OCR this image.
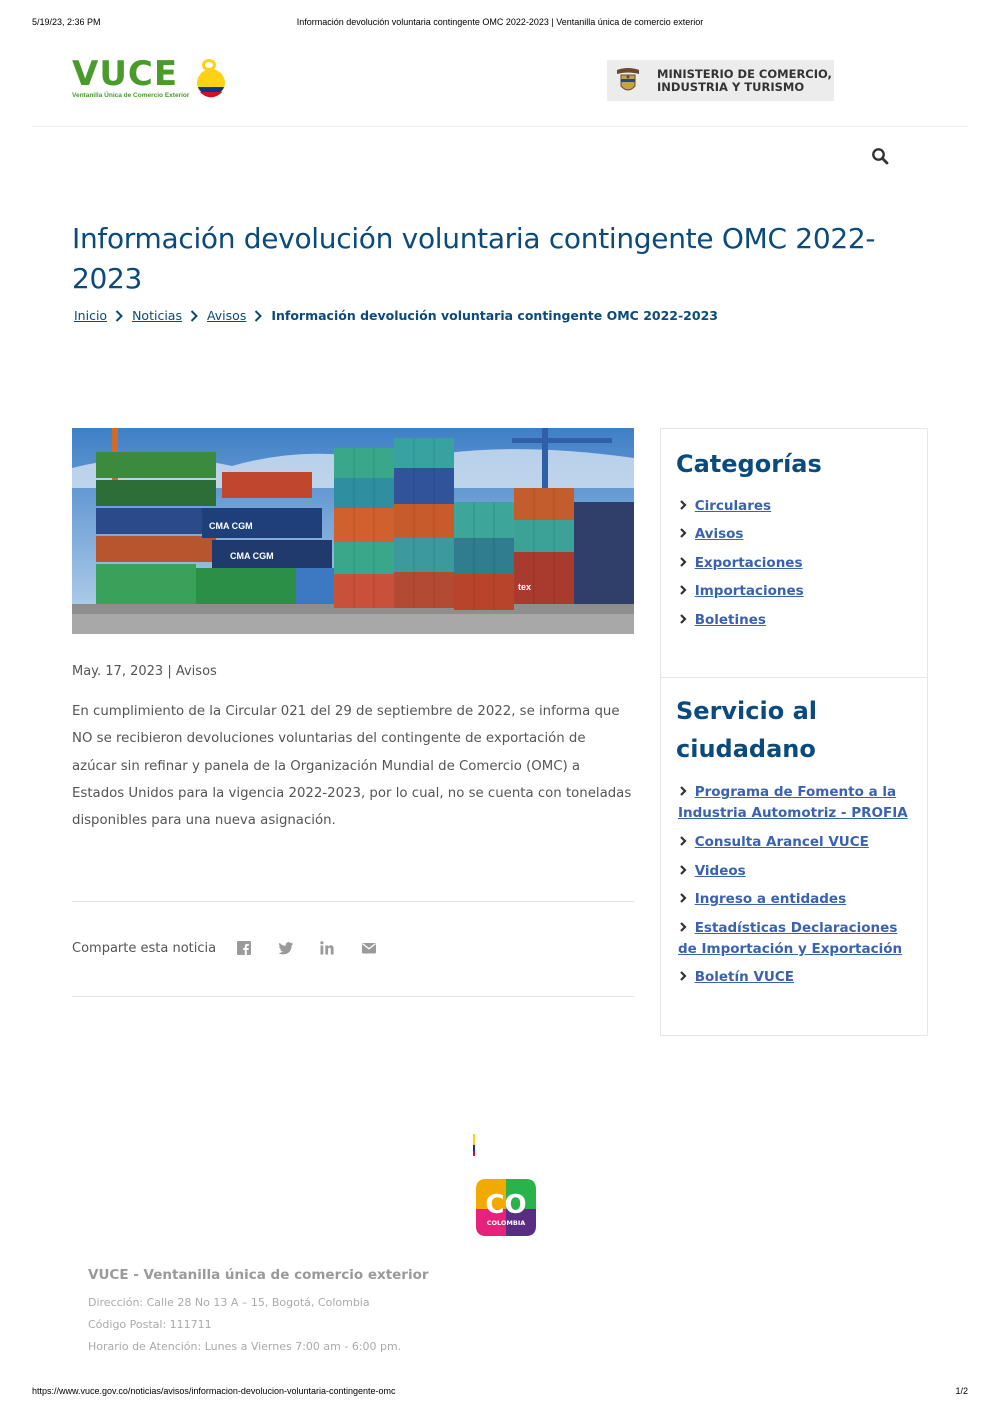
5/19/23, 2:36 PM	Información devolución voluntaria contingente OMC 2022-2023 | Ventanilla única de comercio exterior
VUCE
Ventanilla Única de Comercio Exterior
MINISTERIO DE COMERCIO,
INDUSTRIA Y TURISMO
Información devolución voluntaria contingente OMC 2022-2023
Inicio Noticias Avisos Información devolución voluntaria contingente OMC 2022-2023
CMA CGM
CMA CGM
tex
May. 17, 2023 | Avisos

En cumplimiento de la Circular 021 del 29 de septiembre de 2022, se informa que NO se recibieron devoluciones voluntarias del contingente de exportación de azúcar sin refinar y panela de la Organización Mundial de Comercio (OMC) a Estados Unidos para la vigencia 2022-2023, por lo cual, no se cuenta con toneladas disponibles para una nueva asignación.

Comparte esta noticia
Categorías
Circulares
Avisos
Exportaciones
Importaciones
Boletines
Servicio al ciudadano
Programa de Fomento a la Industria Automotriz - PROFIA
Consulta Arancel VUCE
Videos
Ingreso a entidades
Estadísticas Declaraciones de Importación y Exportación
Boletín VUCE
CO
COLOMBIA
VUCE - Ventanilla única de comercio exterior
Dirección: Calle 28 No 13 A – 15, Bogotá, Colombia
Código Postal: 111711
Horario de Atención: Lunes a Viernes 7:00 am - 6:00 pm.
https://www.vuce.gov.co/noticias/avisos/informacion-devolucion-voluntaria-contingente-omc	1/2
